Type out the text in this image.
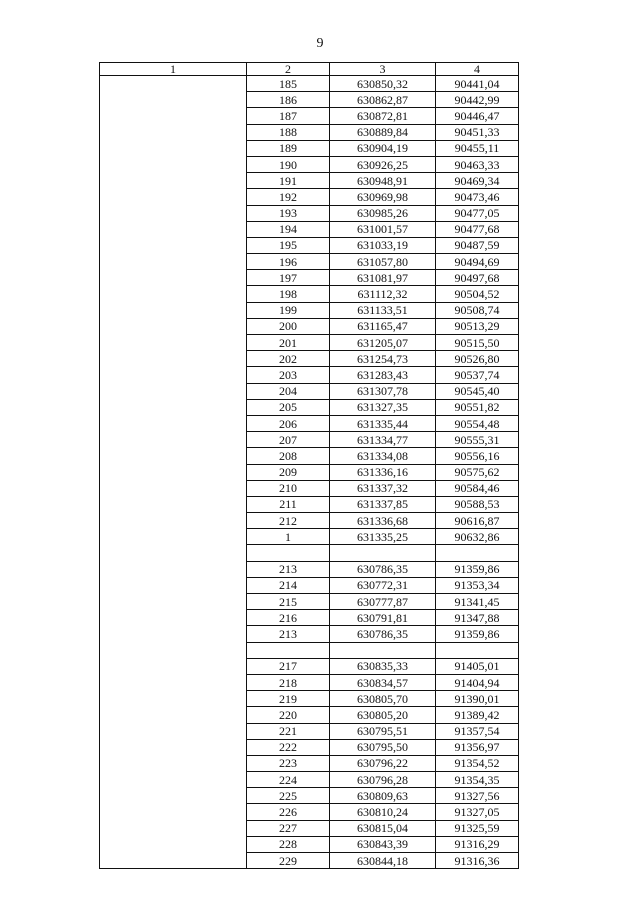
9
1	2	3	4
	185	630850,32	90441,04
	186	630862,87	90442,99
	187	630872,81	90446,47
	188	630889,84	90451,33
	189	630904,19	90455,11
	190	630926,25	90463,33
	191	630948,91	90469,34
	192	630969,98	90473,46
	193	630985,26	90477,05
	194	631001,57	90477,68
	195	631033,19	90487,59
	196	631057,80	90494,69
	197	631081,97	90497,68
	198	631112,32	90504,52
	199	631133,51	90508,74
	200	631165,47	90513,29
	201	631205,07	90515,50
	202	631254,73	90526,80
	203	631283,43	90537,74
	204	631307,78	90545,40
	205	631327,35	90551,82
	206	631335,44	90554,48
	207	631334,77	90555,31
	208	631334,08	90556,16
	209	631336,16	90575,62
	210	631337,32	90584,46
	211	631337,85	90588,53
	212	631336,68	90616,87
	1	631335,25	90632,86

	213	630786,35	91359,86
	214	630772,31	91353,34
	215	630777,87	91341,45
	216	630791,81	91347,88
	213	630786,35	91359,86

	217	630835,33	91405,01
	218	630834,57	91404,94
	219	630805,70	91390,01
	220	630805,20	91389,42
	221	630795,51	91357,54
	222	630795,50	91356,97
	223	630796,22	91354,52
	224	630796,28	91354,35
	225	630809,63	91327,56
	226	630810,24	91327,05
	227	630815,04	91325,59
	228	630843,39	91316,29
	229	630844,18	91316,36
